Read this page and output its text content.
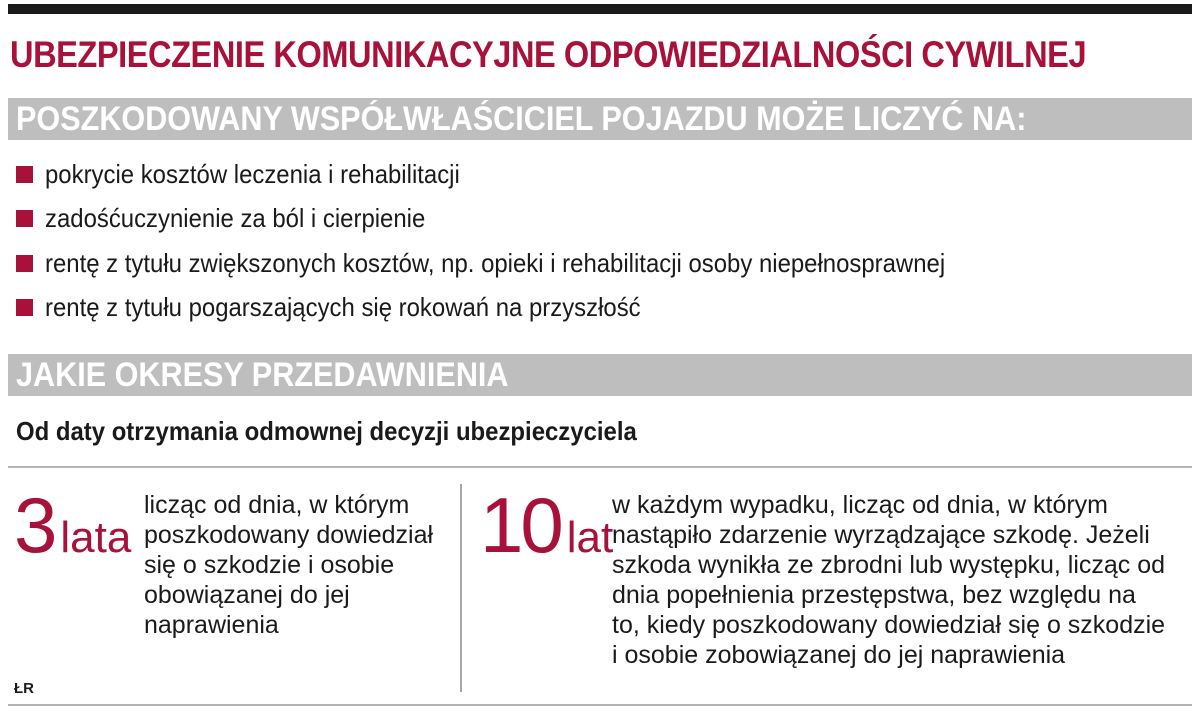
UBEZPIECZENIE KOMUNIKACYJNE ODPOWIEDZIALNOŚCI CYWILNEJ
POSZKODOWANY WSPÓŁWŁAŚCICIEL POJAZDU MOŻE LICZYĆ NA:
pokrycie kosztów leczenia i rehabilitacji
zadośćuczynienie za ból i cierpienie
rentę z tytułu zwiększonych kosztów, np. opieki i rehabilitacji osoby niepełnosprawnej
rentę z tytułu pogarszających się rokowań na przyszłość
JAKIE OKRESY PRZEDAWNIENIA
Od daty otrzymania odmownej decyzji ubezpieczyciela
3 lata
licząc od dnia, w którym
poszkodowany dowiedział
się o szkodzie i osobie
obowiązanej do jej
naprawienia
10 lat
w każdym wypadku, licząc od dnia, w którym
nastąpiło zdarzenie wyrządzające szkodę. Jeżeli
szkoda wynikła ze zbrodni lub występku, licząc od
dnia popełnienia przestępstwa, bez względu na
to, kiedy poszkodowany dowiedział się o szkodzie
i osobie zobowiązanej do jej naprawienia
ŁR
